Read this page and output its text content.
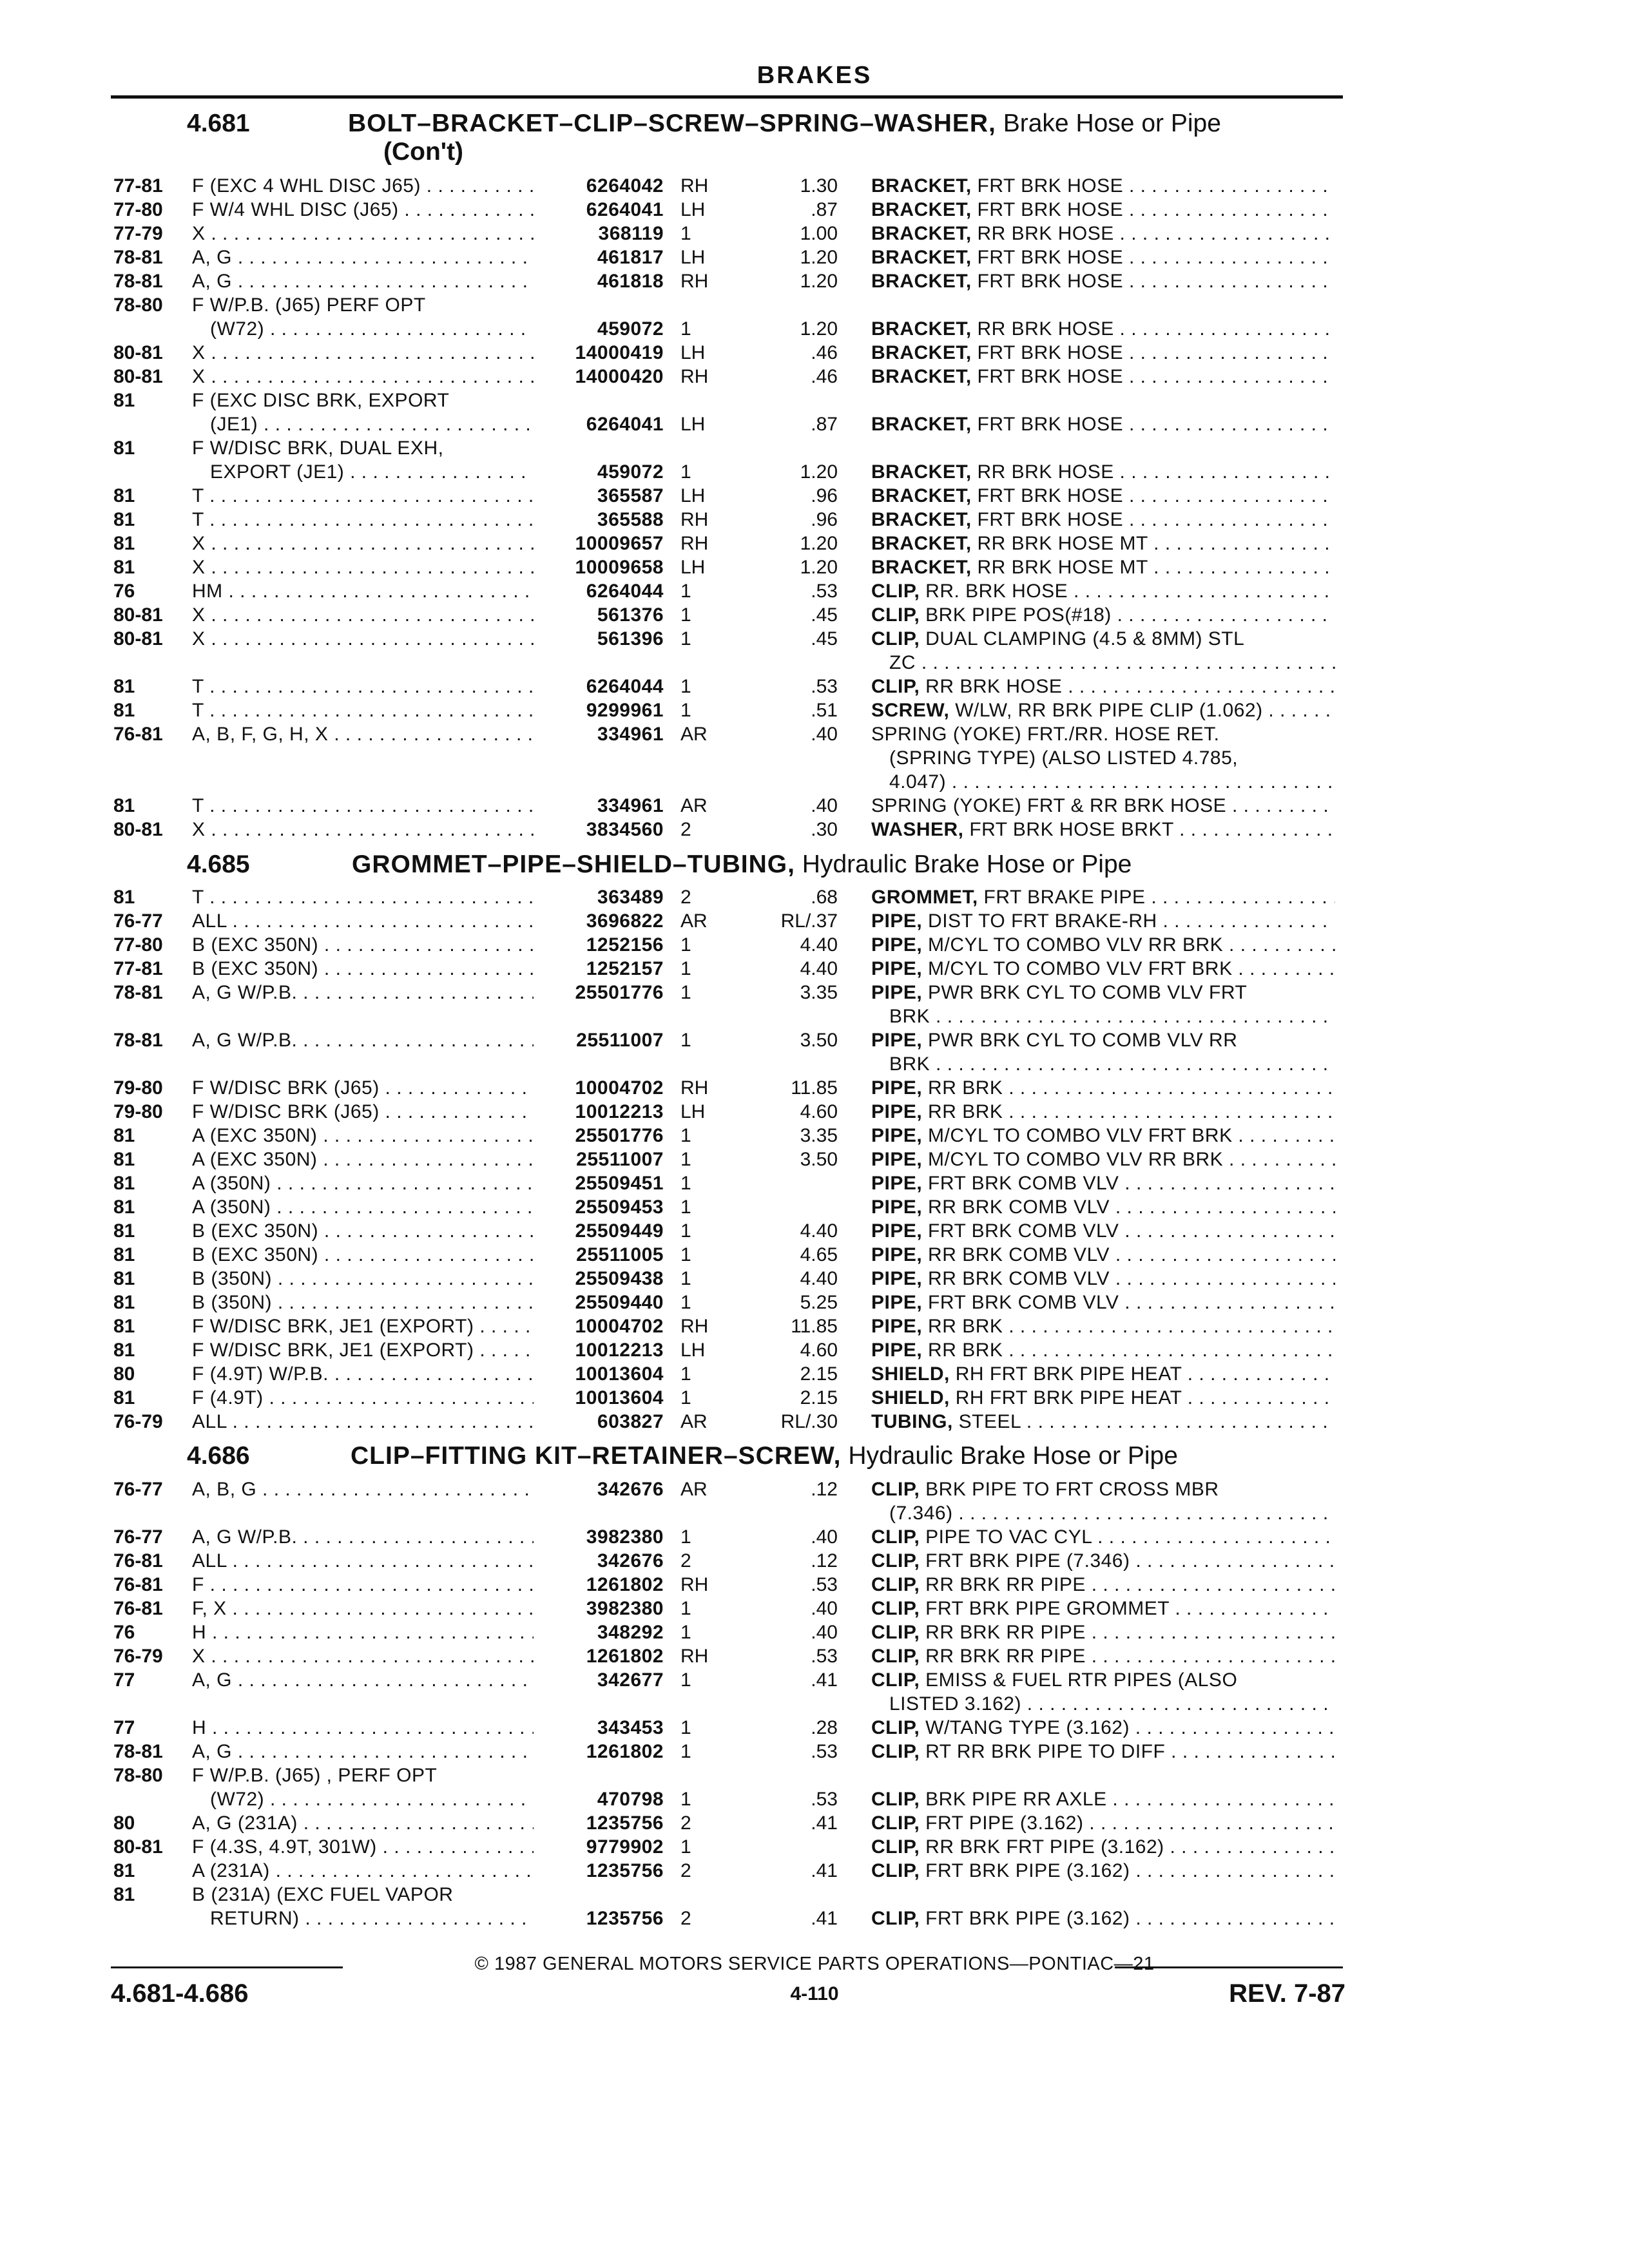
BRAKES
4.681	BOLT–BRACKET–CLIP–SCREW–SPRING–WASHER, Brake Hose or Pipe
(Con't)
77-81 F (EXC 4 WHL DISC J65) . . .	6264042 RH	1.30 BRACKET, FRT BRK HOSE . . .
77-80 F W/4 WHL DISC (J65) . . .	6264041 LH	.87 BRACKET, FRT BRK HOSE . . .
77-79 X . . .	368119 1	1.00 BRACKET, RR BRK HOSE . . .
78-81 A, G . . .	461817 LH	1.20 BRACKET, FRT BRK HOSE . . .
78-81 A, G . . .	461818 RH	1.20 BRACKET, FRT BRK HOSE . . .
78-80 F W/P.B. (J65) PERF OPT
(W72) . . .	459072 1	1.20 BRACKET, RR BRK HOSE . . .
80-81 X . . .	14000419 LH	.46 BRACKET, FRT BRK HOSE . . .
80-81 X . . .	14000420 RH	.46 BRACKET, FRT BRK HOSE . . .
81	F (EXC DISC BRK, EXPORT
(JE1) . . .	6264041 LH	.87 BRACKET, FRT BRK HOSE . . .
81	F W/DISC BRK, DUAL EXH,
EXPORT (JE1) . . .	459072 1	1.20 BRACKET, RR BRK HOSE . . .
81	T . . .	365587 LH	.96 BRACKET, FRT BRK HOSE . . .
81	T . . .	365588 RH	.96 BRACKET, FRT BRK HOSE . . .
81	X . . .	10009657 RH	1.20 BRACKET, RR BRK HOSE MT . . .
81	X . . .	10009658 LH	1.20 BRACKET, RR BRK HOSE MT . . .
76	HM . . .	6264044 1	.53 CLIP, RR. BRK HOSE . . .
80-81 X . . .	561376 1	.45 CLIP, BRK PIPE POS(#18) . . .
80-81 X . . .	561396 1	.45 CLIP, DUAL CLAMPING (4.5 & 8MM) STL
ZC . . .
81	T . . .	6264044 1	.53 CLIP, RR BRK HOSE . . .
81	T . . .	9299961 1	.51 SCREW, W/LW, RR BRK PIPE CLIP (1.062) . . .
76-81 A, B, F, G, H, X . . .	334961 AR	.40 SPRING (YOKE) FRT./RR. HOSE RET.
(SPRING TYPE) (ALSO LISTED 4.785,
4.047) . . .
81	T . . .	334961 AR	.40 SPRING (YOKE) FRT & RR BRK HOSE . . .
80-81 X . . .	3834560 2	.30 WASHER, FRT BRK HOSE BRKT . . .
4.685	GROMMET–PIPE–SHIELD–TUBING, Hydraulic Brake Hose or Pipe
81	T . . .	363489 2	.68 GROMMET, FRT BRAKE PIPE . . .
76-77 ALL . . .	3696822 AR	RL/.37 PIPE, DIST TO FRT BRAKE-RH . . .
77-80 B (EXC 350N) . . .	1252156 1	4.40 PIPE, M/CYL TO COMBO VLV RR BRK . . .
77-81 B (EXC 350N) . . .	1252157 1	4.40 PIPE, M/CYL TO COMBO VLV FRT BRK . . .
78-81 A, G W/P.B. . . .	25501776 1	3.35 PIPE, PWR BRK CYL TO COMB VLV FRT
BRK . . .
78-81 A, G W/P.B. . . .	25511007 1	3.50 PIPE, PWR BRK CYL TO COMB VLV RR
BRK . . .
79-80 F W/DISC BRK (J65) . . .	10004702 RH	11.85 PIPE, RR BRK . . .
79-80 F W/DISC BRK (J65) . . .	10012213 LH	4.60 PIPE, RR BRK . . .
81	A (EXC 350N) . . .	25501776 1	3.35 PIPE, M/CYL TO COMBO VLV FRT BRK . . .
81	A (EXC 350N) . . .	25511007 1	3.50 PIPE, M/CYL TO COMBO VLV RR BRK . . .
81	A (350N) . . .	25509451 1	PIPE, FRT BRK COMB VLV . . .
81	A (350N) . . .	25509453 1	PIPE, RR BRK COMB VLV . . .
81	B (EXC 350N) . . .	25509449 1	4.40 PIPE, FRT BRK COMB VLV . . .
81	B (EXC 350N) . . .	25511005 1	4.65 PIPE, RR BRK COMB VLV . . .
81	B (350N) . . .	25509438 1	4.40 PIPE, RR BRK COMB VLV . . .
81	B (350N) . . .	25509440 1	5.25 PIPE, FRT BRK COMB VLV . . .
81	F W/DISC BRK, JE1 (EXPORT) . . .	10004702 RH	11.85 PIPE, RR BRK . . .
81	F W/DISC BRK, JE1 (EXPORT) . . .	10012213 LH	4.60 PIPE, RR BRK . . .
80	F (4.9T) W/P.B. . . .	10013604 1	2.15 SHIELD, RH FRT BRK PIPE HEAT . . .
81	F (4.9T) . . .	10013604 1	2.15 SHIELD, RH FRT BRK PIPE HEAT . . .
76-79 ALL . . .	603827 AR	RL/.30 TUBING, STEEL . . .
4.686	CLIP–FITTING KIT–RETAINER–SCREW, Hydraulic Brake Hose or Pipe
76-77 A, B, G . . .	342676 AR	.12 CLIP, BRK PIPE TO FRT CROSS MBR
(7.346) . . .
76-77 A, G W/P.B. . . .	3982380 1	.40 CLIP, PIPE TO VAC CYL . . .
76-81 ALL . . .	342676 2	.12 CLIP, FRT BRK PIPE (7.346) . . .
76-81 F . . .	1261802 RH	.53 CLIP, RR BRK RR PIPE . . .
76-81 F, X . . .	3982380 1	.40 CLIP, FRT BRK PIPE GROMMET . . .
76	H . . .	348292 1	.40 CLIP, RR BRK RR PIPE . . .
76-79 X . . .	1261802 RH	.53 CLIP, RR BRK RR PIPE . . .
77	A, G . . .	342677 1	.41 CLIP, EMISS & FUEL RTR PIPES (ALSO
LISTED 3.162) . . .
77	H . . .	343453 1	.28 CLIP, W/TANG TYPE (3.162) . . .
78-81 A, G . . .	1261802 1	.53 CLIP, RT RR BRK PIPE TO DIFF . . .
78-80 F W/P.B. (J65) , PERF OPT
(W72) . . .	470798 1	.53 CLIP, BRK PIPE RR AXLE . . .
80	A, G (231A) . . .	1235756 2	.41 CLIP, FRT PIPE (3.162) . . .
80-81 F (4.3S, 4.9T, 301W) . . .	9779902 1	CLIP, RR BRK FRT PIPE (3.162) . . .
81	A (231A) . . .	1235756 2	.41 CLIP, FRT BRK PIPE (3.162) . . .
81	B (231A) (EXC FUEL VAPOR
RETURN) . . .	1235756 2	.41 CLIP, FRT BRK PIPE (3.162) . . .
© 1987 GENERAL MOTORS SERVICE PARTS OPERATIONS—PONTIAC—21
4.681-4.686	4-110	REV. 7-87
